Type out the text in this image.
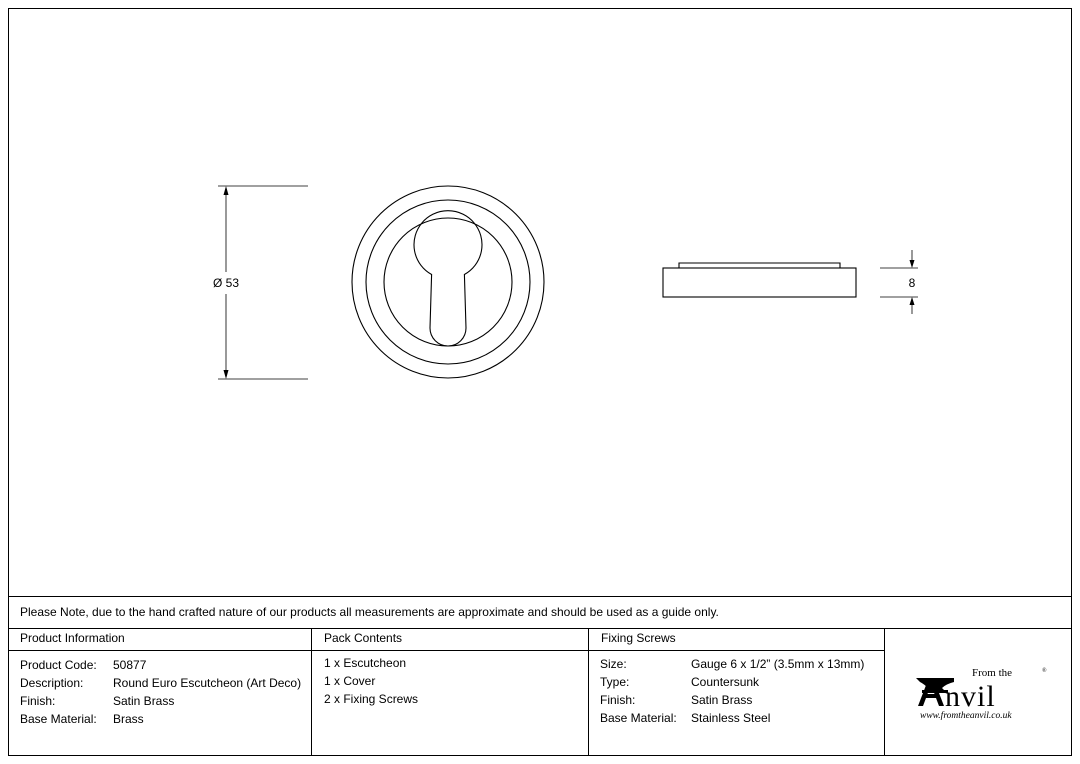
Ø 53	8
Please Note, due to the hand crafted nature of our products all measurements are approximate and should be used as a guide only.
Product Information
Product Code: 50877
Description: Round Euro Escutcheon (Art Deco)
Finish:	Satin Brass
Base Material: Brass
Pack Contents
1 x Escutcheon
1 x Cover
2 x Fixing Screws
Fixing Screws
Size:	Gauge 6 x 1/2” (3.5mm x 13mm)
Type:	Countersunk
Finish:	Satin Brass
Base Material: Stainless Steel
From the
nvil
®
www.fromtheanvil.co.uk
